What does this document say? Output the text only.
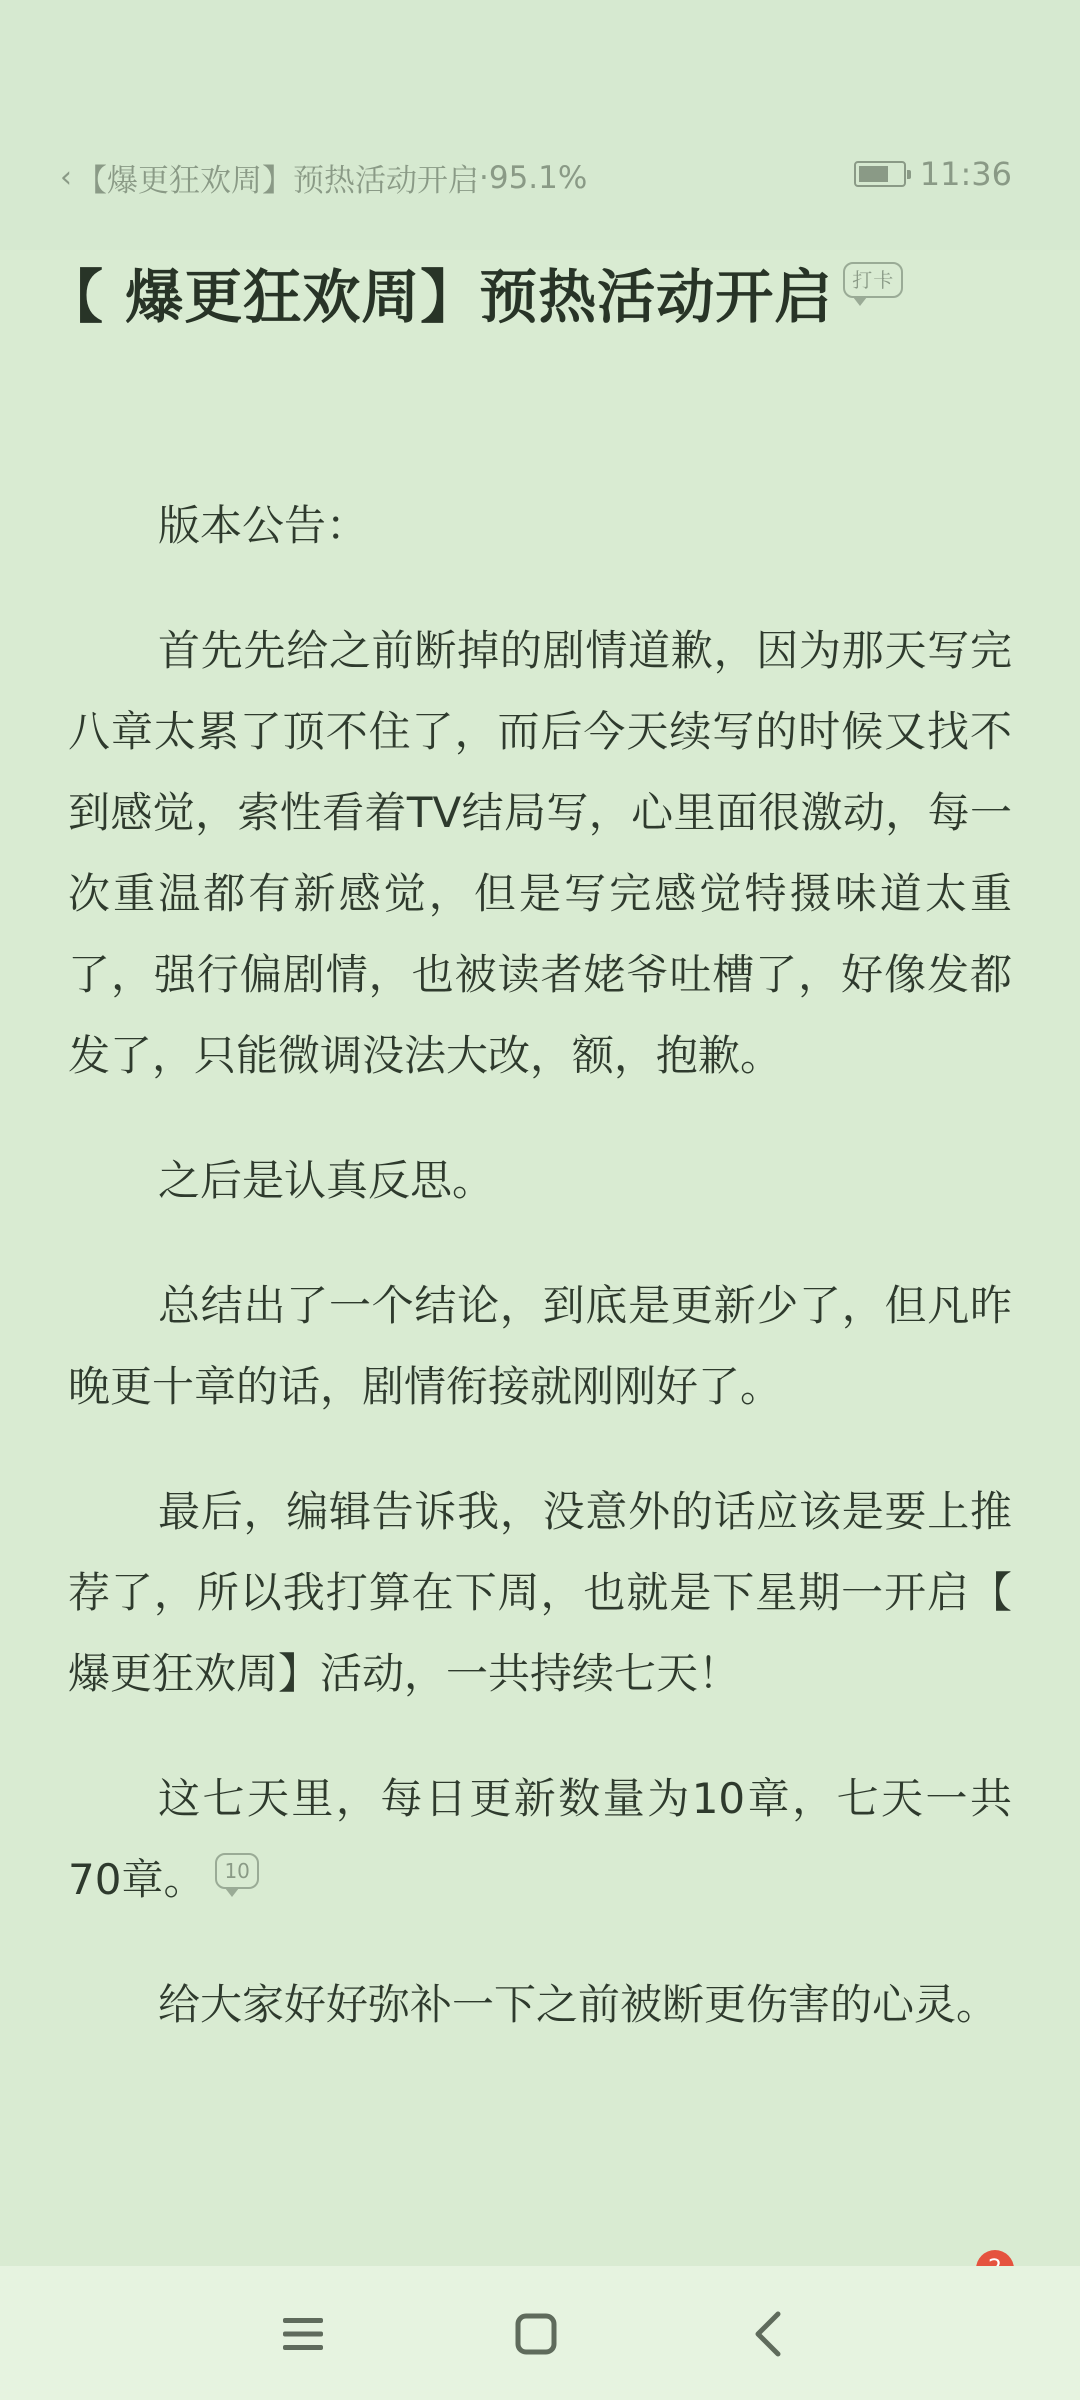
‹ 【爆更狂欢周】预热活动开启 · 95.1%	11:36
【 爆更狂欢周】预热活动开启 打卡

版本公告：

首先先给之前断掉的剧情道歉，因为那天写完八章太累了顶不住了，而后今天续写的时候又找不到感觉，索性看着TV结局写，心里面很激动，每一次重温都有新感觉，但是写完感觉特摄味道太重了，强行偏剧情，也被读者姥爷吐槽了，好像发都发了，只能微调没法大改，额，抱歉。

之后是认真反思。

总结出了一个结论，到底是更新少了，但凡昨晚更十章的话，剧情衔接就刚刚好了。

最后，编辑告诉我，没意外的话应该是要上推荐了，所以我打算在下周，也就是下星期一开启【 爆更狂欢周】活动，一共持续七天！

这七天里，每日更新数量为10章，七天一共70章。 10

给大家好好弥补一下之前被断更伤害的心灵。
